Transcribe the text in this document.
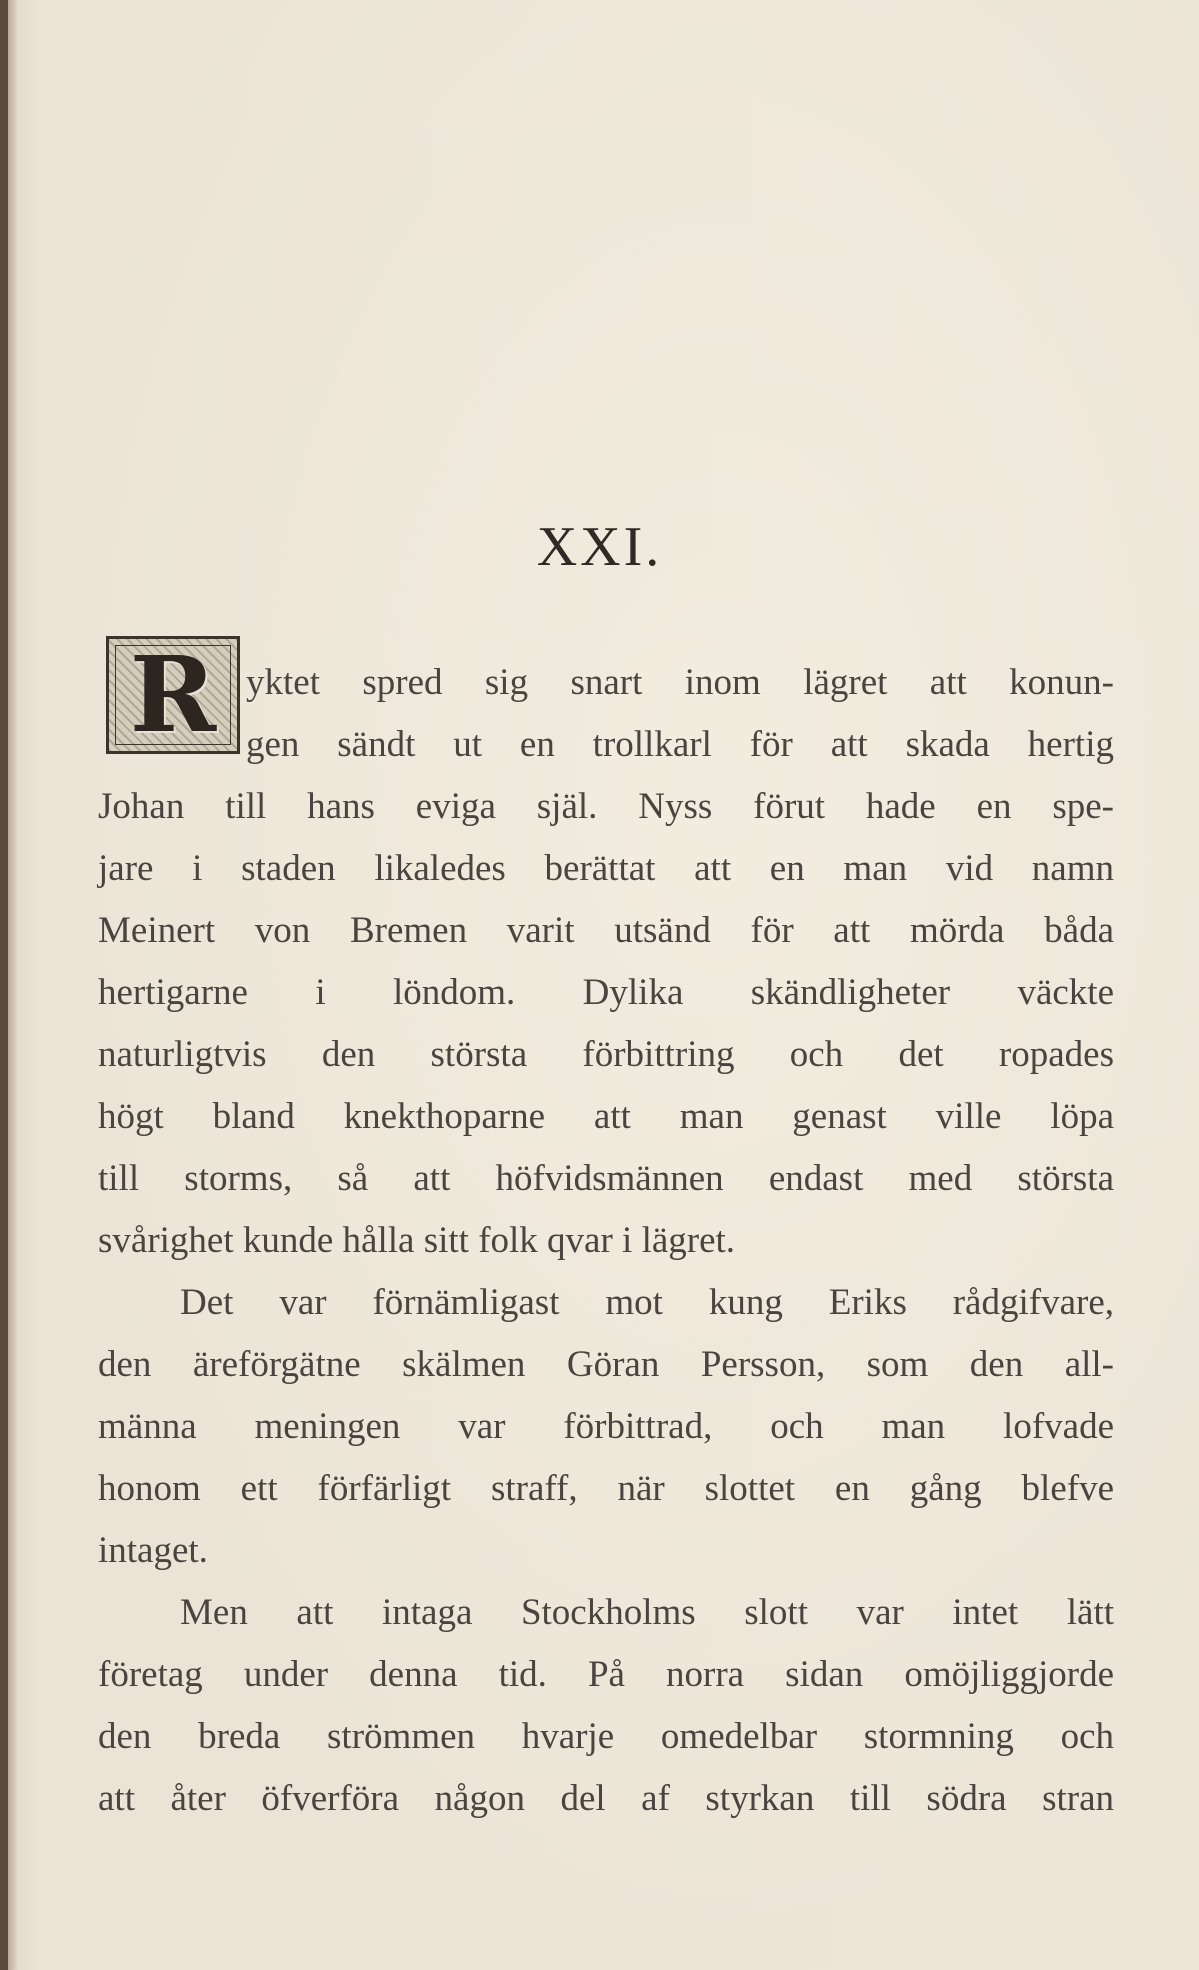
XXI.
R yktet spred sig snart inom lägret att konun-
gen sändt ut en trollkarl för att skada hertig
Johan till hans eviga själ. Nyss förut hade en spe-
jare i staden likaledes berättat att en man vid namn
Meinert von Bremen varit utsänd för att mörda båda
hertigarne i löndom. Dylika skändligheter väckte
naturligtvis den största förbittring och det ropades
högt bland knekthoparne att man genast ville löpa
till storms, så att höfvidsmännen endast med största
svårighet kunde hålla sitt folk qvar i lägret.
Det var förnämligast mot kung Eriks rådgifvare,
den äreförgätne skälmen Göran Persson, som den all-
männa meningen var förbittrad, och man lofvade
honom ett förfärligt straff, när slottet en gång blefve
intaget.
Men att intaga Stockholms slott var intet lätt
företag under denna tid. På norra sidan omöjliggjorde
den breda strömmen hvarje omedelbar stormning och
att åter öfverföra någon del af styrkan till södra stran
